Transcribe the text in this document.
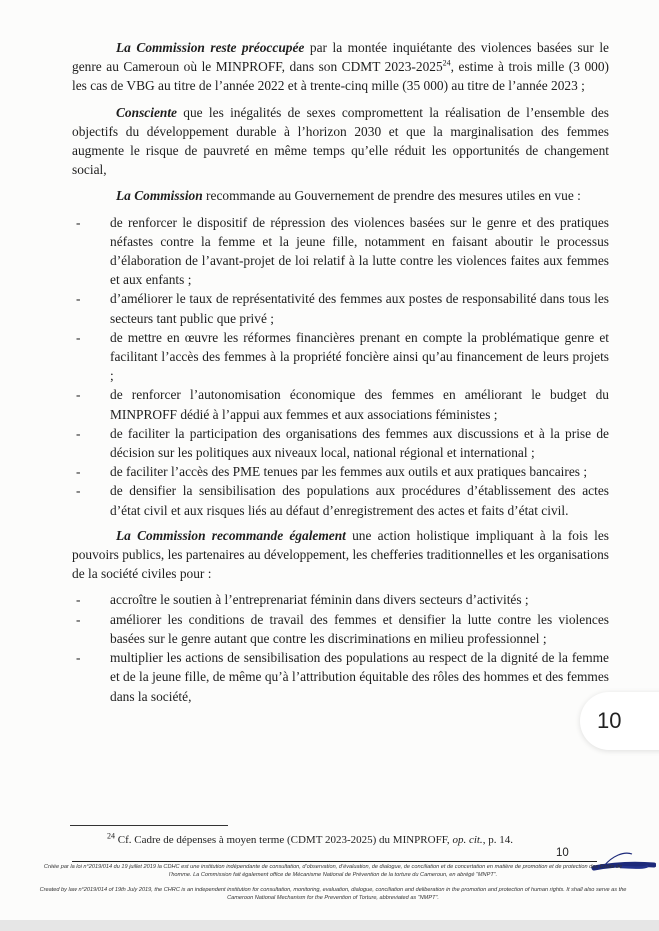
La Commission reste préoccupée par la montée inquiétante des violences basées sur le genre au Cameroun où le MINPROFF, dans son CDMT 2023-2025$^{24}$, estime à trois mille (3 000) les cas de VBG au titre de l’année 2022 et à trente-cinq mille (35 000) au titre de l’année 2023 ;

Consciente que les inégalités de sexes compromettent la réalisation de l’ensemble des objectifs du développement durable à l’horizon 2030 et que la marginalisation des femmes augmente le risque de pauvreté en même temps qu’elle réduit les opportunités de changement social,

La Commission recommande au Gouvernement de prendre des mesures utiles en vue :

- de renforcer le dispositif de répression des violences basées sur le genre et des pratiques néfastes contre la femme et la jeune fille, notamment en faisant aboutir le processus d’élaboration de l’avant-projet de loi relatif à la lutte contre les violences faites aux femmes et aux enfants ;
- d’améliorer le taux de représentativité des femmes aux postes de responsabilité dans tous les secteurs tant public que privé ;
- de mettre en œuvre les réformes financières prenant en compte la problématique genre et facilitant l’accès des femmes à la propriété foncière ainsi qu’au financement de leurs projets ;
- de renforcer l’autonomisation économique des femmes en améliorant le budget du MINPROFF dédié à l’appui aux femmes et aux associations féministes ;
- de faciliter la participation des organisations des femmes aux discussions et à la prise de décision sur les politiques aux niveaux local, national régional et international ;
- de faciliter l’accès des PME tenues par les femmes aux outils et aux pratiques bancaires ;
- de densifier la sensibilisation des populations aux procédures d’établissement des actes d’état civil et aux risques liés au défaut d’enregistrement des actes et faits d’état civil.

La Commission recommande également une action holistique impliquant à la fois les pouvoirs publics, les partenaires au développement, les chefferies traditionnelles et les organisations de la société civiles pour :

- accroître le soutien à l’entreprenariat féminin dans divers secteurs d’activités ;
- améliorer les conditions de travail des femmes et densifier la lutte contre les violences basées sur le genre autant que contre les discriminations en milieu professionnel ;
- multiplier les actions de sensibilisation des populations au respect de la dignité de la femme et de la jeune fille, de même qu’à l’attribution équitable des rôles des hommes et des femmes dans la société,
$^{24}$ Cf. Cadre de dépenses à moyen terme (CDMT 2023-2025) du MINPROFF, op. cit., p. 14.
10
Créée par la loi n°2019/014 du 19 juillet 2019 la CDHC est une institution indépendante de consultation, d’observation, d’évaluation, de dialogue, de conciliation et de concertation en matière de promotion et de protection des Droits de l’homme. La Commission fait également office de Mécanisme National de Prévention de la torture du Cameroun, en abrégé “MNPT”.
Created by law n°2019/014 of 19th July 2019, the CHRC is an independent institution for consultation, monitoring, evaluation, dialogue, conciliation and deliberation in the promotion and protection of human rights. It shall also serve as the Cameroon National Mechanism for the Prevention of Torture, abbreviated as “NMPT”.
10
